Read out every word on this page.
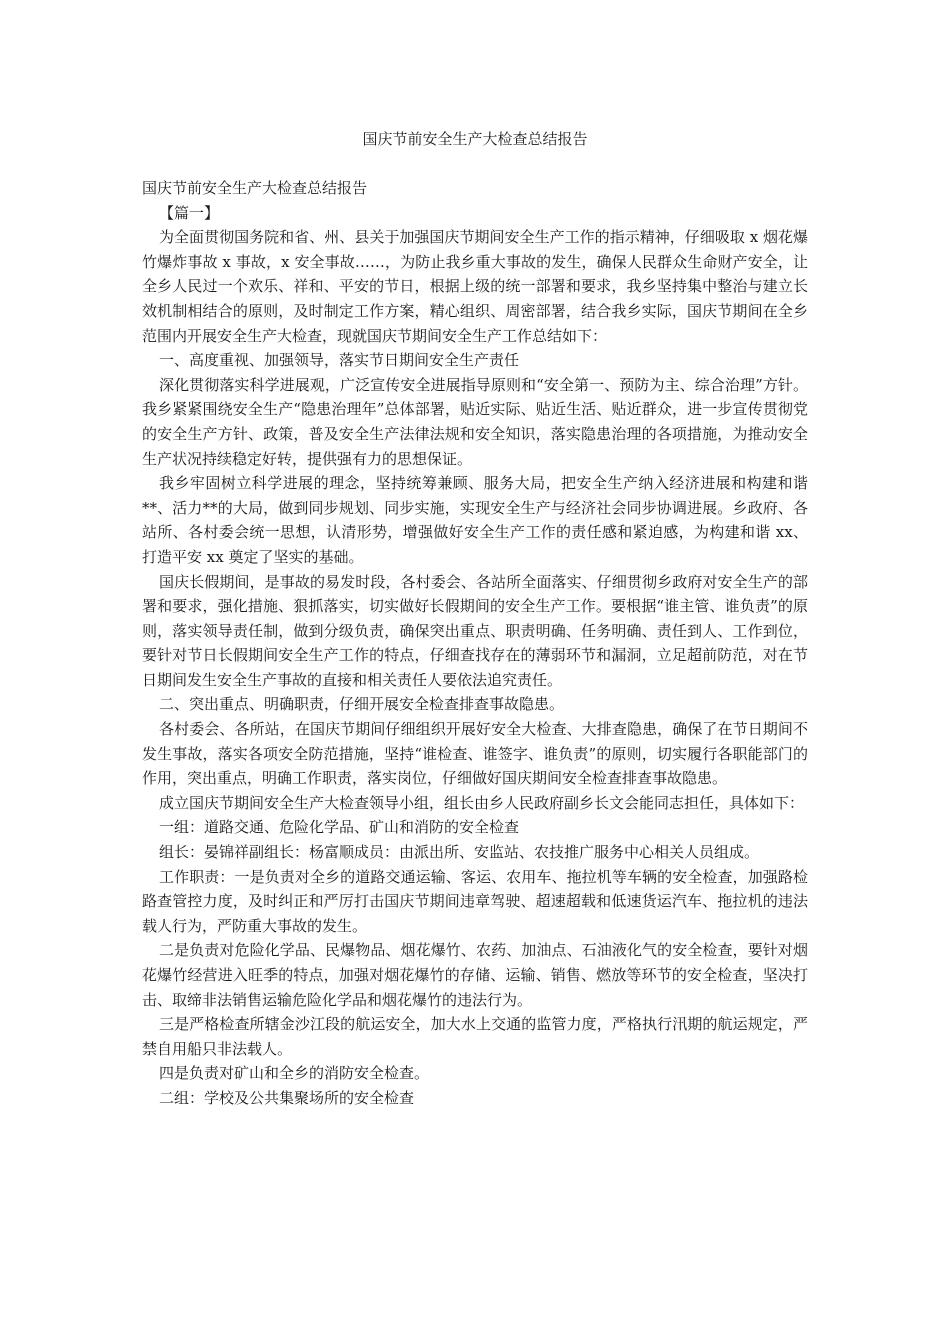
国庆节前安全生产大检查总结报告

国庆节前安全生产大检查总结报告

【篇一】

为全面贯彻国务院和省、州、县关于加强国庆节期间安全生产工作的指示精神，仔细吸取 x 烟花爆竹爆炸事故 x 事故，x 安全事故……，为防止我乡重大事故的发生，确保人民群众生命财产安全，让全乡人民过一个欢乐、祥和、平安的节日，根据上级的统一部署和要求，我乡坚持集中整治与建立长效机制相结合的原则，及时制定工作方案，精心组织、周密部署，结合我乡实际，国庆节期间在全乡范围内开展安全生产大检查，现就国庆节期间安全生产工作总结如下：

一、高度重视、加强领导，落实节日期间安全生产责任

深化贯彻落实科学进展观，广泛宣传安全进展指导原则和“安全第一、预防为主、综合治理”方针。我乡紧紧围绕安全生产“隐患治理年”总体部署，贴近实际、贴近生活、贴近群众，进一步宣传贯彻党的安全生产方针、政策，普及安全生产法律法规和安全知识，落实隐患治理的各项措施，为推动安全生产状况持续稳定好转，提供强有力的思想保证。

我乡牢固树立科学进展的理念，坚持统筹兼顾、服务大局，把安全生产纳入经济进展和构建和谐**、活力**的大局，做到同步规划、同步实施，实现安全生产与经济社会同步协调进展。乡政府、各站所、各村委会统一思想，认清形势，增强做好安全生产工作的责任感和紧迫感，为构建和谐 xx、打造平安 xx 奠定了坚实的基础。

国庆长假期间，是事故的易发时段，各村委会、各站所全面落实、仔细贯彻乡政府对安全生产的部署和要求，强化措施、狠抓落实，切实做好长假期间的安全生产工作。要根据“谁主管、谁负责”的原则，落实领导责任制，做到分级负责，确保突出重点、职责明确、任务明确、责任到人、工作到位，要针对节日长假期间安全生产工作的特点，仔细查找存在的薄弱环节和漏洞，立足超前防范，对在节日期间发生安全生产事故的直接和相关责任人要依法追究责任。

二、突出重点、明确职责，仔细开展安全检查排查事故隐患。

各村委会、各所站，在国庆节期间仔细组织开展好安全大检查、大排查隐患，确保了在节日期间不发生事故，落实各项安全防范措施，坚持“谁检查、谁签字、谁负责”的原则，切实履行各职能部门的作用，突出重点，明确工作职责，落实岗位，仔细做好国庆期间安全检查排查事故隐患。

成立国庆节期间安全生产大检查领导小组，组长由乡人民政府副乡长文会能同志担任，具体如下：

一组：道路交通、危险化学品、矿山和消防的安全检查

组长：晏锦祥副组长：杨富顺成员：由派出所、安监站、农技推广服务中心相关人员组成。

工作职责：一是负责对全乡的道路交通运输、客运、农用车、拖拉机等车辆的安全检查，加强路检路查管控力度，及时纠正和严厉打击国庆节期间违章驾驶、超速超载和低速货运汽车、拖拉机的违法载人行为，严防重大事故的发生。

二是负责对危险化学品、民爆物品、烟花爆竹、农药、加油点、石油液化气的安全检查，要针对烟花爆竹经营进入旺季的特点，加强对烟花爆竹的存储、运输、销售、燃放等环节的安全检查，坚决打击、取缔非法销售运输危险化学品和烟花爆竹的违法行为。

三是严格检查所辖金沙江段的航运安全，加大水上交通的监管力度，严格执行汛期的航运规定，严禁自用船只非法载人。

四是负责对矿山和全乡的消防安全检查。

二组：学校及公共集聚场所的安全检查
